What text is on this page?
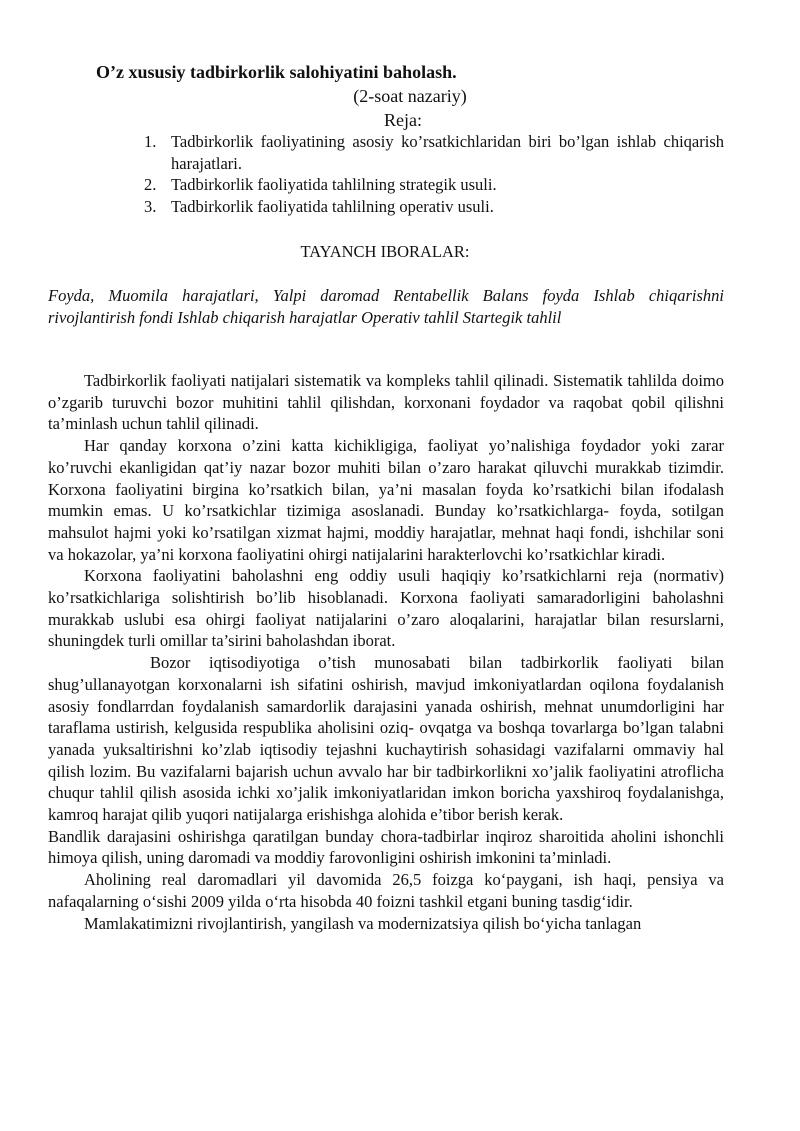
O’z xususiy tadbirkorlik salohiyatini baholash.
(2-soat nazariy)
Reja:
1. Tadbirkorlik faoliyatining asosiy ko’rsatkichlaridan biri bo’lgan ishlab chiqarish harajatlari.
2. Tadbirkorlik faoliyatida tahlilning strategik usuli.
3. Tadbirkorlik faoliyatida tahlilning operativ usuli.
TAYANCH IBORALAR:
Foyda, Muomila harajatlari, Yalpi daromad Rentabellik Balans foyda Ishlab chiqarishni rivojlantirish fondi Ishlab chiqarish harajatlar Operativ tahlil Startegik tahlil

Tadbirkorlik faoliyati natijalari sistematik va kompleks tahlil qilinadi. Sistematik tahlilda doimo o’zgarib turuvchi bozor muhitini tahlil qilishdan, korxonani foydador va raqobat qobil qilishni ta’minlash uchun tahlil qilinadi.

Har qanday korxona o’zini katta kichikligiga, faoliyat yo’nalishiga foydador yoki zarar ko’ruvchi ekanligidan qat’iy nazar bozor muhiti bilan o’zaro harakat qiluvchi murakkab tizimdir. Korxona faoliyatini birgina ko’rsatkich bilan, ya’ni masalan foyda ko’rsatkichi bilan ifodalash mumkin emas. U ko’rsatkichlar tizimiga asoslanadi. Bunday ko’rsatkichlarga- foyda, sotilgan mahsulot hajmi yoki ko’rsatilgan xizmat hajmi, moddiy harajatlar, mehnat haqi fondi, ishchilar soni va hokazolar, ya’ni korxona faoliyatini ohirgi natijalarini harakterlovchi ko’rsatkichlar kiradi.

Korxona faoliyatini baholashni eng oddiy usuli haqiqiy ko’rsatkichlarni reja (normativ) ko’rsatkichlariga solishtirish bo’lib hisoblanadi. Korxona faoliyati samaradorligini baholashni murakkab uslubi esa ohirgi faoliyat natijalarini o’zaro aloqalarini, harajatlar bilan resurslarni, shuningdek turli omillar ta’sirini baholashdan iborat.

Bozor iqtisodiyotiga o’tish munosabati bilan tadbirkorlik faoliyati bilan shug’ullanayotgan korxonalarni ish sifatini oshirish, mavjud imkoniyatlardan oqilona foydalanish asosiy fondlarrdan foydalanish samardorlik darajasini yanada oshirish, mehnat unumdorligini har taraflama ustirish, kelgusida respublika aholisini oziq- ovqatga va boshqa tovarlarga bo’lgan talabni yanada yuksaltirishni ko’zlab iqtisodiy tejashni kuchaytirish sohasidagi vazifalarni ommaviy hal qilish lozim. Bu vazifalarni bajarish uchun avvalo har bir tadbirkorlikni xo’jalik faoliyatini atroflicha chuqur tahlil qilish asosida ichki xo’jalik imkoniyatlaridan imkon boricha yaxshiroq foydalanishga, kamroq harajat qilib yuqori natijalarga erishishga alohida e’tibor berish kerak.

Bandlik darajasini oshirishga qaratilgan bunday chora-tadbirlar inqiroz sharoitida aholini ishonchli himoya qilish, uning daromadi va moddiy farovonligini oshirish imkonini ta’minladi.

Aholining real daromadlari yil davomida 26,5 foizga koʻpaygani, ish haqi, pensiya va nafaqalarning oʻsishi 2009 yilda oʻrta hisobda 40 foizni tashkil etgani buning tasdigʻidir.

Mamlakatimizni rivojlantirish, yangilash va modernizatsiya qilish boʻyicha tanlagan
